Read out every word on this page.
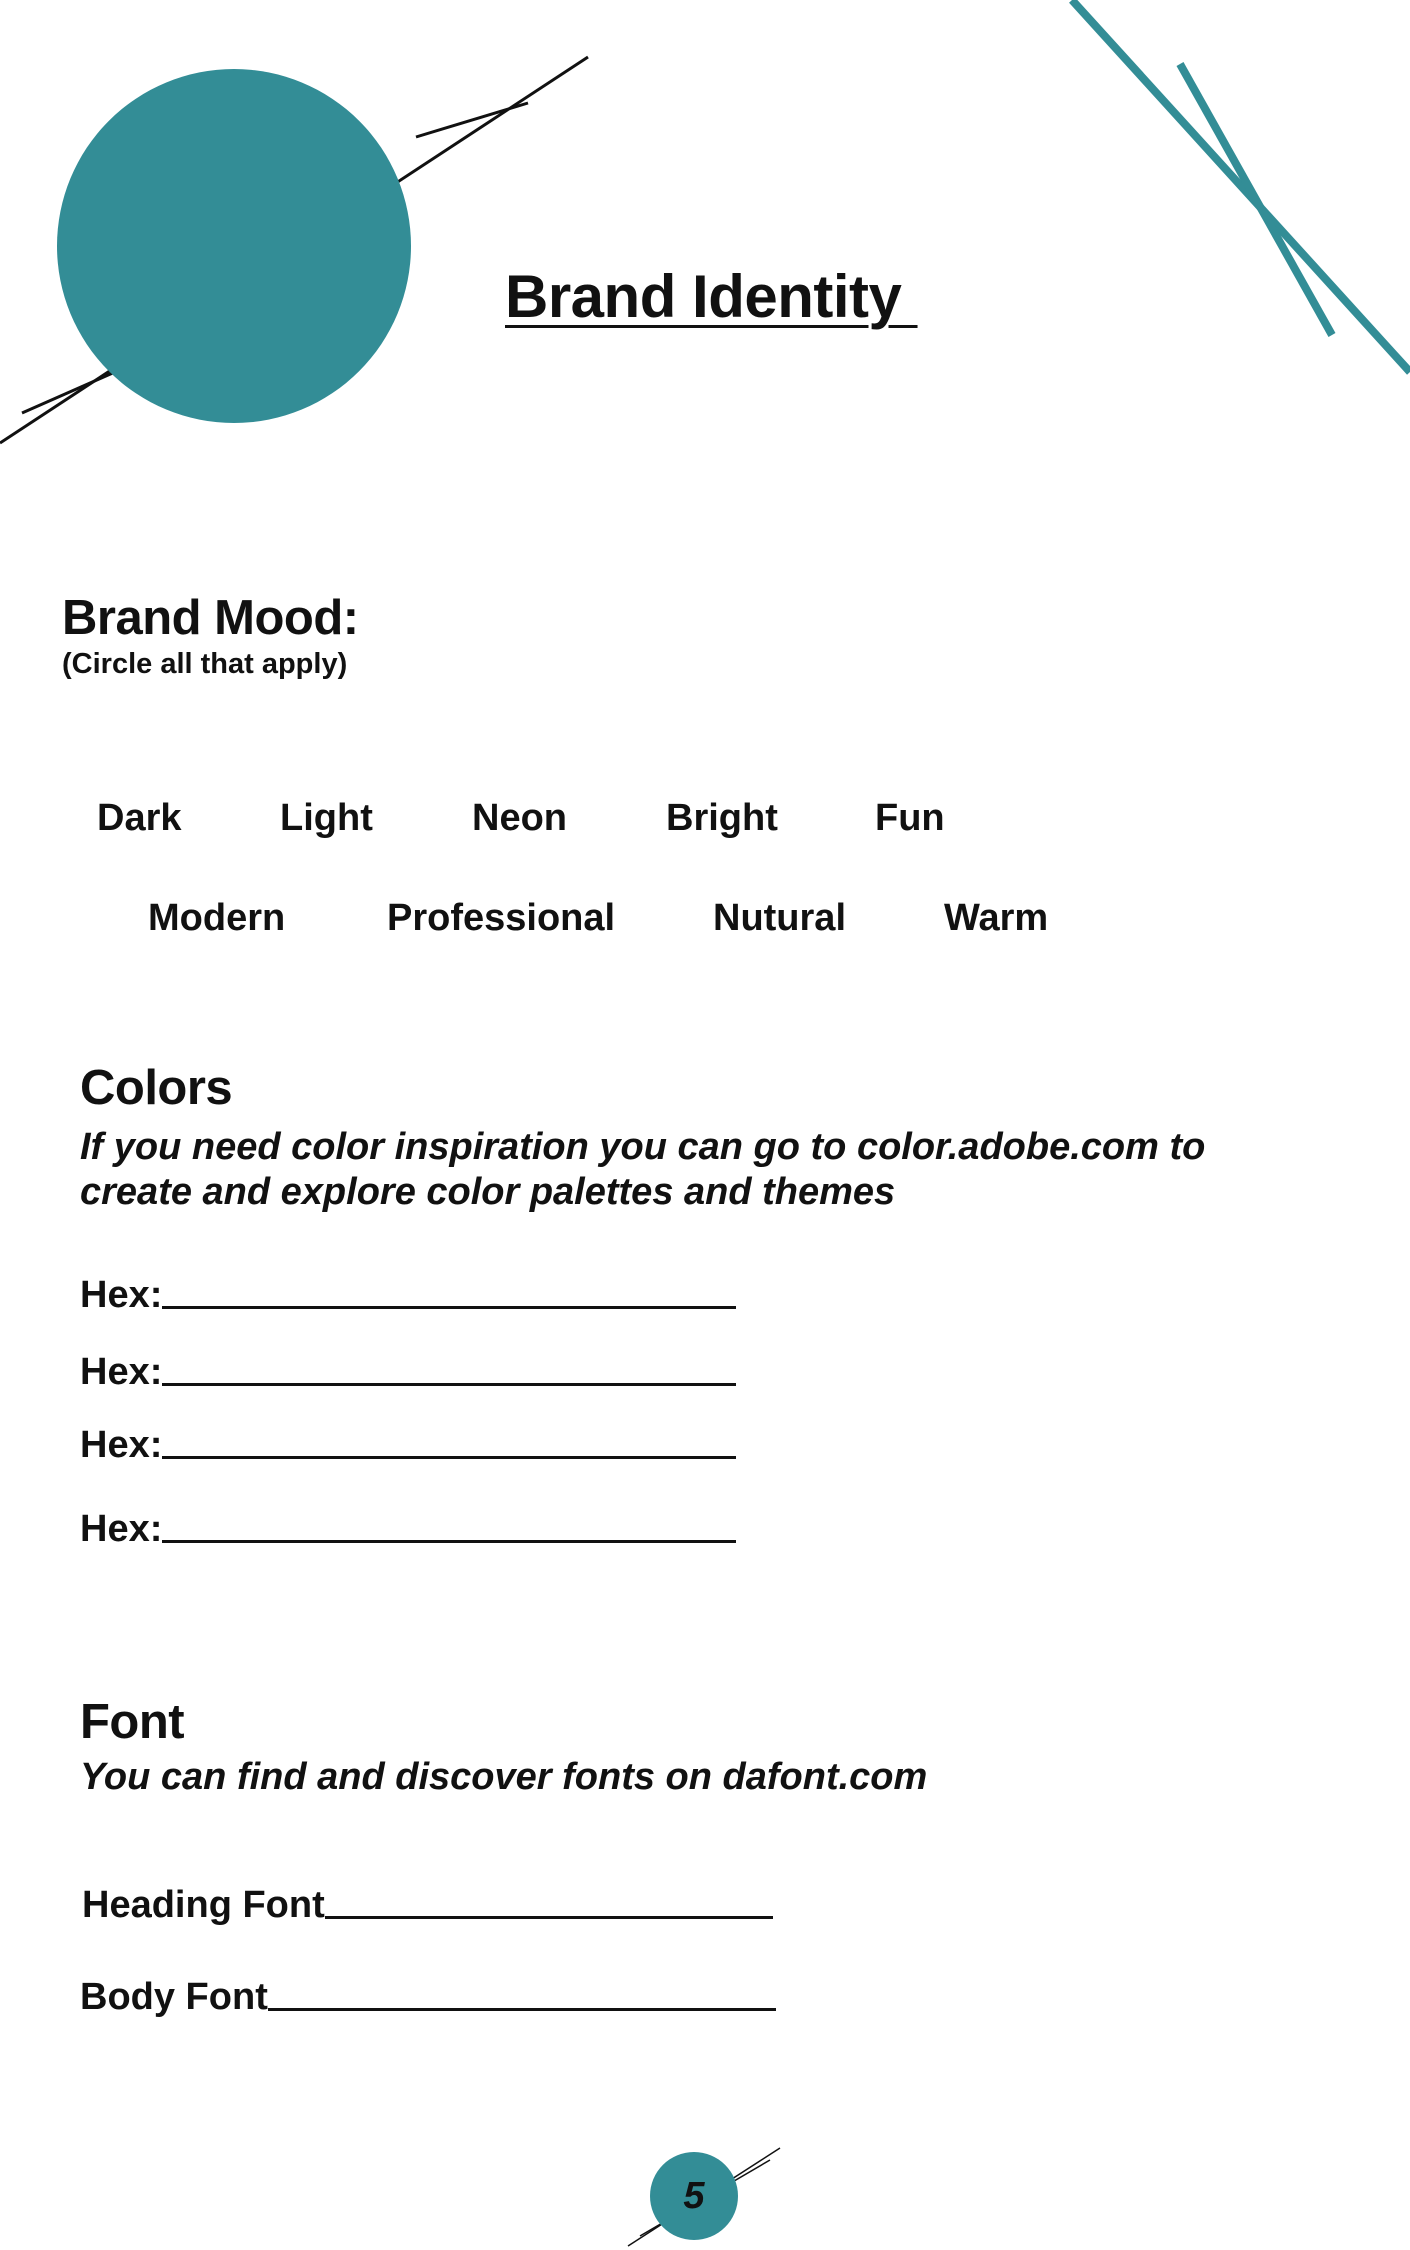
Brand Identity
Brand Mood:
(Circle all that apply)
Dark	Light	Neon	Bright	Fun
Modern	Professional	Nutural	Warm
Colors
If you need color inspiration you can go to color.adobe.com to create and explore color palettes and themes
Hex:
Hex:
Hex:
Hex:
Font
You can find and discover fonts on dafont.com
Heading Font
Body Font
5
